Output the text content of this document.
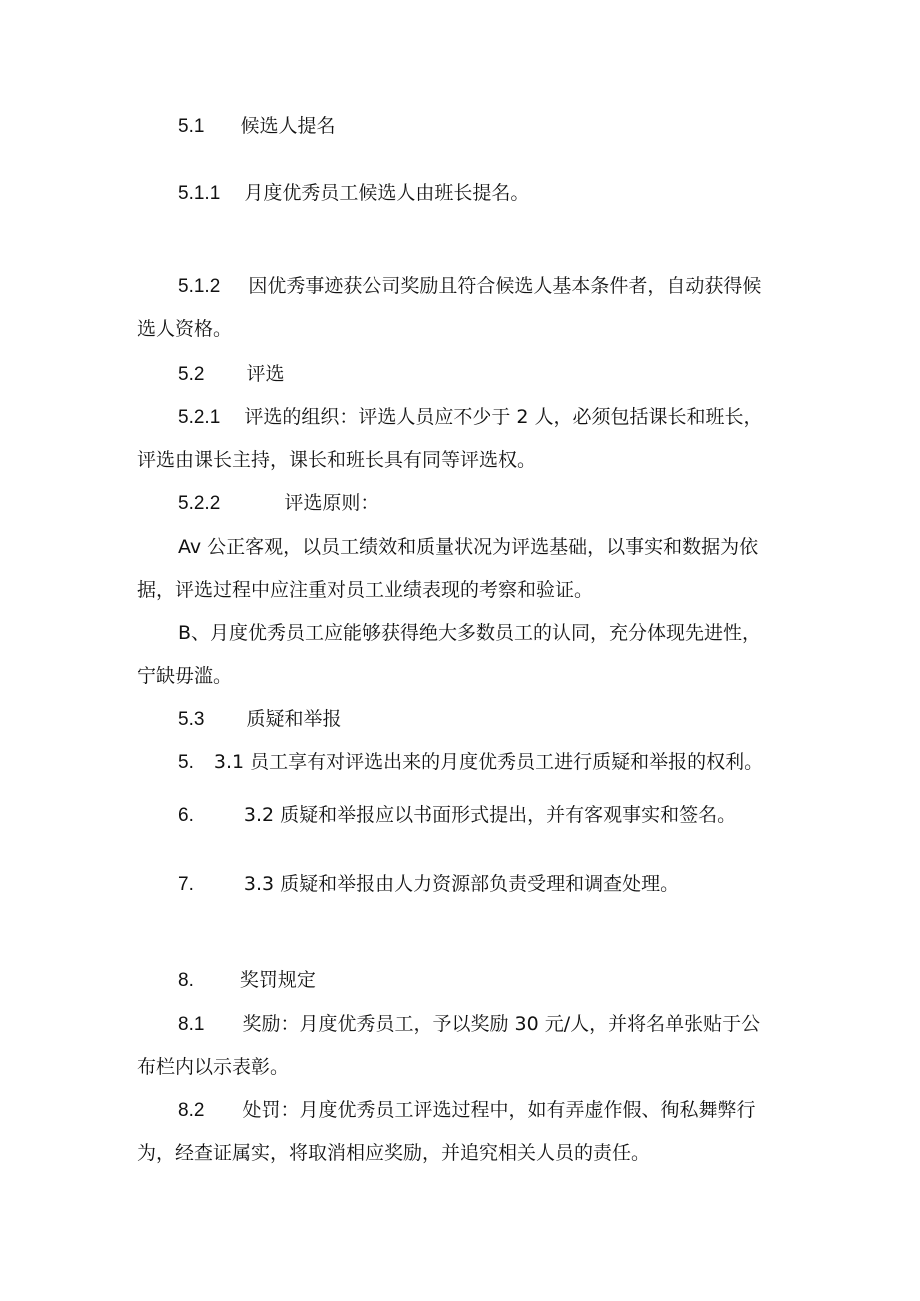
5.1 候选人提名
5.1.1 月度优秀员工候选人由班长提名。
5.1.2 因优秀事迹获公司奖励且符合候选人基本条件者，自动获得候
选人资格。
5.2 评选
5.2.1 评选的组织：评选人员应不少于 2 人，必须包括课长和班长，
评选由课长主持，课长和班长具有同等评选权。
5.2.2	评选原则：
Av 公正客观，以员工绩效和质量状况为评选基础，以事实和数据为依
据，评选过程中应注重对员工业绩表现的考察和验证。
B、月度优秀员工应能够获得绝大多数员工的认同，充分体现先进性，
宁缺毋滥。
5.3 质疑和举报
5. 3.1 员工享有对评选出来的月度优秀员工进行质疑和举报的权利。
6.	3.2 质疑和举报应以书面形式提出，并有客观事实和签名。
7.	3.3 质疑和举报由人力资源部负责受理和调查处理。
8. 奖罚规定
8.1 奖励：月度优秀员工，予以奖励 30 元/人，并将名单张贴于公
布栏内以示表彰。
8.2 处罚：月度优秀员工评选过程中，如有弄虚作假、徇私舞弊行
为，经查证属实，将取消相应奖励，并追究相关人员的责任。
